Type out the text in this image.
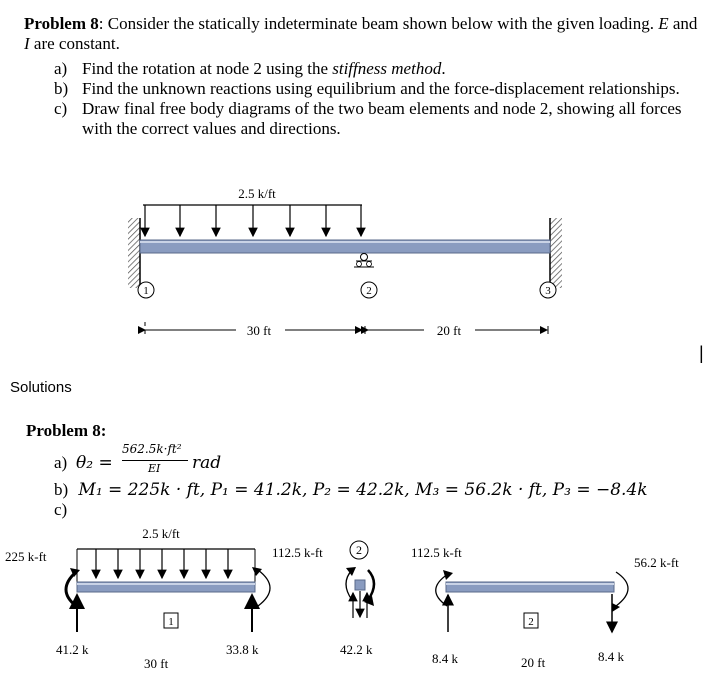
Problem 8: Consider the statically indeterminate beam shown below with the given loading. E and I are constant.
a) Find the rotation at node 2 using the stiffness method.
b) Find the unknown reactions using equilibrium and the force-displacement relationships.
c) Draw final free body diagrams of the two beam elements and node 2, showing all forces with the correct values and directions.
2.5 k/ft
1	2	3
30 ft	20 ft
|
Solutions
Problem 8:
a) θ₂ =
562.5k·ft²
EI rad
b) M₁ = 225k · ft, P₁ = 41.2k, P₂ = 42.2k, M₃ = 56.2k · ft, P₃ = −8.4k
c)
2.5 k/ft
225 k-ft
1
41.2 k	33.8 k
30 ft
112.5 k-ft	2
42.2 k
112.5 k-ft
2
8.4 k	8.4 k
20 ft
56.2 k-ft
